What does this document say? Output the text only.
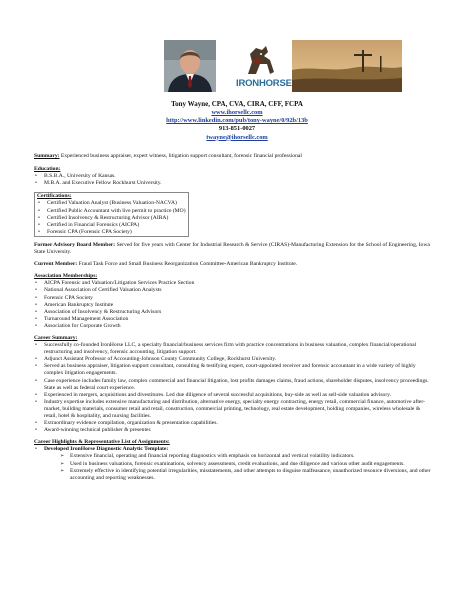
IRONHORSE
Tony Wayne, CPA, CVA, CIRA, CFF, FCPA
www.ihorsellc.com
http://www.linkedin.com/pub/tony-wayne/0/92b/13b
913-851-0027
twayne@ihorsellc.com
Summary: Experienced business appraiser, expert witness, litigation support consultant, forensic financial professional
Education:
• B.S.B.A., University of Kansas.
• M.B.A. and Executive Fellow Rockhurst University.
Certifications:
• Certified Valuation Analyst (Business Valuation-NACVA)
• Certified Public Accountant with live permit to practice (MO)
• Certified Insolvency & Restructuring Advisor (AIRA)
• Certified in Financial Forensics (AICPA)
• Forensic CPA (Forensic CPA Society)
Former Advisory Board Member: Served for five years with Center for Industrial Research & Service (CIRAS)-Manufacturing Extension for the School of Engineering, Iowa State University.
Current Member: Fraud Task Force and Small Business Reorganization Committee-American Bankruptcy Institute.
Association Memberships:
• AICPA Forensic and Valuation/Litigation Services Practice Section
• National Association of Certified Valuation Analysts
• Forensic CPA Society
• American Bankruptcy Institute
• Association of Insolvency & Restructuring Advisors
• Turnaround Management Association
• Association for Corporate Growth
Career Summary:
• Successfully co-founded IronHorse LLC, a specialty financial/business services firm with practice concentrations in business valuation, complex financial/operational restructuring and insolvency, forensic accounting, litigation support.
• Adjunct Assistant Professor of Accounting-Johnson County Community College, Rockhurst University.
• Served as business appraiser, litigation support consultant, consulting & testifying expert, court-appointed receiver and forensic accountant in a wide variety of highly complex litigation engagements.
• Case experience includes family law, complex commercial and financial litigation, lost profits damages claims, fraud actions, shareholder disputes, insolvency proceedings. State as well as federal court experience.
• Experienced in mergers, acquisitions and divestitures. Led due diligence of several successful acquisitions, buy-side as well as sell-side valuation advisory.
• Industry expertise includes extensive manufacturing and distribution, alternative energy, specialty energy contracting, energy retail, commercial finance, automotive after-market, building materials, consumer retail and retail, construction, commercial printing, technology, real estate development, holding companies, wireless wholesale & retail, hotel & hospitality, and nursing facilities.
• Extraordinary evidence compilation, organization & presentation capabilities.
• Award-winning technical publisher & presenter.
Career Highlights & Representative List of Assignments:
• Developed IronHorse Diagnostic Analytic Template:
➢ Extensive financial, operating and financial reporting diagnostics with emphasis on horizontal and vertical volatility indicators.
➢ Used in business valuations, forensic examinations, solvency assessments, credit evaluations, and due diligence and various other audit engagements.
➢ Extremely effective in identifying potential irregularities, misstatements, and other attempts to disguise malfeasance, unauthorized resource diversions, and other accounting and reporting weaknesses.
